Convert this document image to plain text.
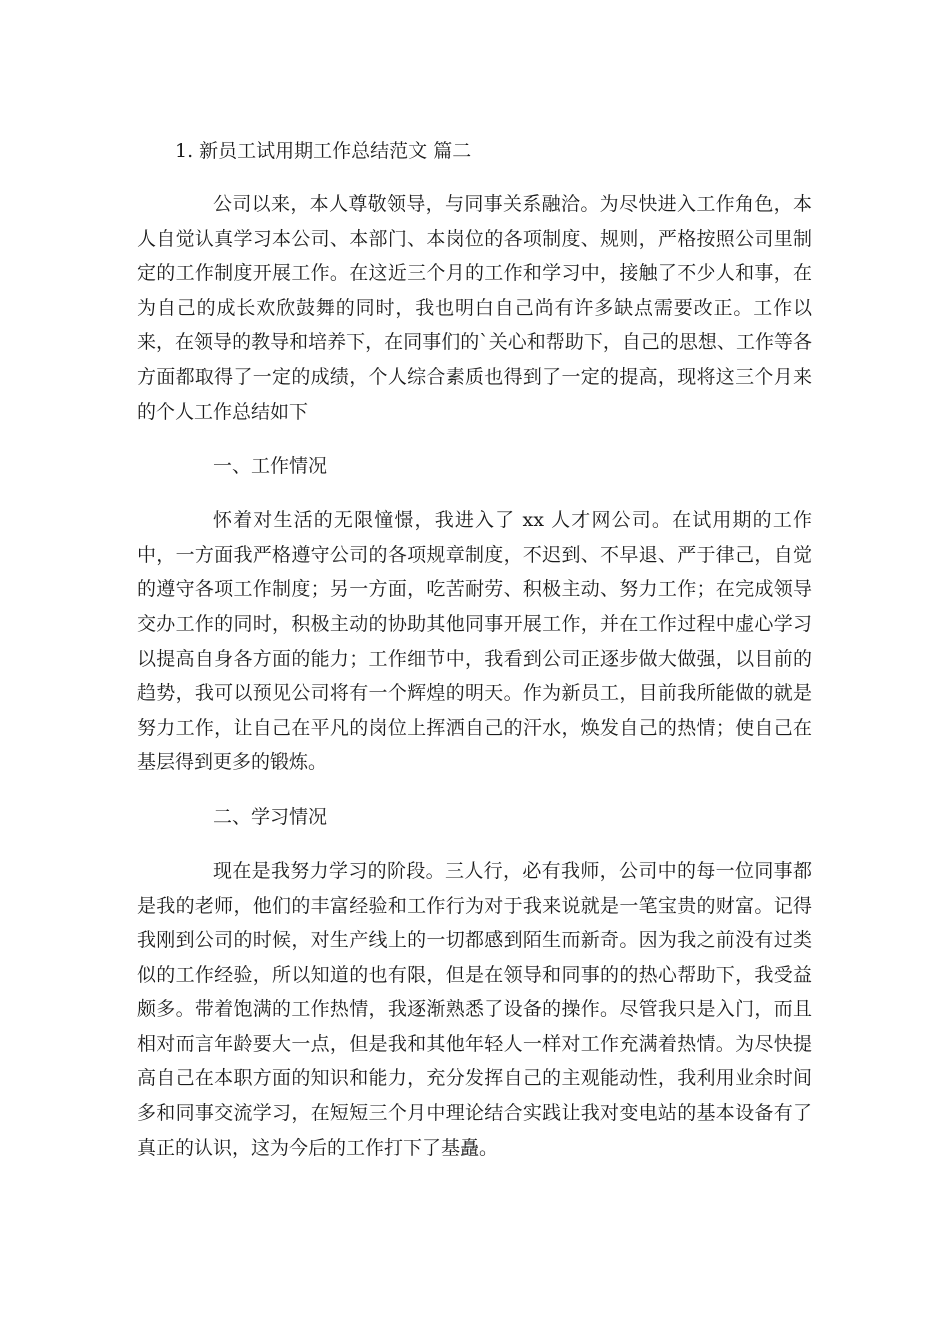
1. 新员工试用期工作总结范文 篇二

公司以来，本人尊敬领导，与同事关系融洽。为尽快进入工作角色，本人自觉认真学习本公司、本部门、本岗位的各项制度、规则，严格按照公司里制定的工作制度开展工作。在这近三个月的工作和学习中，接触了不少人和事，在为自己的成长欢欣鼓舞的同时，我也明白自己尚有许多缺点需要改正。工作以来，在领导的教导和培养下，在同事们的`关心和帮助下，自己的思想、工作等各方面都取得了一定的成绩，个人综合素质也得到了一定的提高，现将这三个月来的个人工作总结如下

一、工作情况

怀着对生活的无限憧憬，我进入了 xx 人才网公司。在试用期的工作中，一方面我严格遵守公司的各项规章制度，不迟到、不早退、严于律己，自觉的遵守各项工作制度；另一方面，吃苦耐劳、积极主动、努力工作；在完成领导交办工作的同时，积极主动的协助其他同事开展工作，并在工作过程中虚心学习以提高自身各方面的能力；工作细节中，我看到公司正逐步做大做强，以目前的趋势，我可以预见公司将有一个辉煌的明天。作为新员工，目前我所能做的就是努力工作，让自己在平凡的岗位上挥洒自己的汗水，焕发自己的热情；使自己在基层得到更多的锻炼。

二、学习情况

现在是我努力学习的阶段。三人行，必有我师，公司中的每一位同事都是我的老师，他们的丰富经验和工作行为对于我来说就是一笔宝贵的财富。记得我刚到公司的时候，对生产线上的一切都感到陌生而新奇。因为我之前没有过类似的工作经验，所以知道的也有限，但是在领导和同事的的热心帮助下，我受益颇多。带着饱满的工作热情，我逐渐熟悉了设备的操作。尽管我只是入门，而且相对而言年龄要大一点，但是我和其他年轻人一样对工作充满着热情。为尽快提高自己在本职方面的知识和能力，充分发挥自己的主观能动性，我利用业余时间多和同事交流学习，在短短三个月中理论结合实践让我对变电站的基本设备有了真正的认识，这为今后的工作打下了基矗。
